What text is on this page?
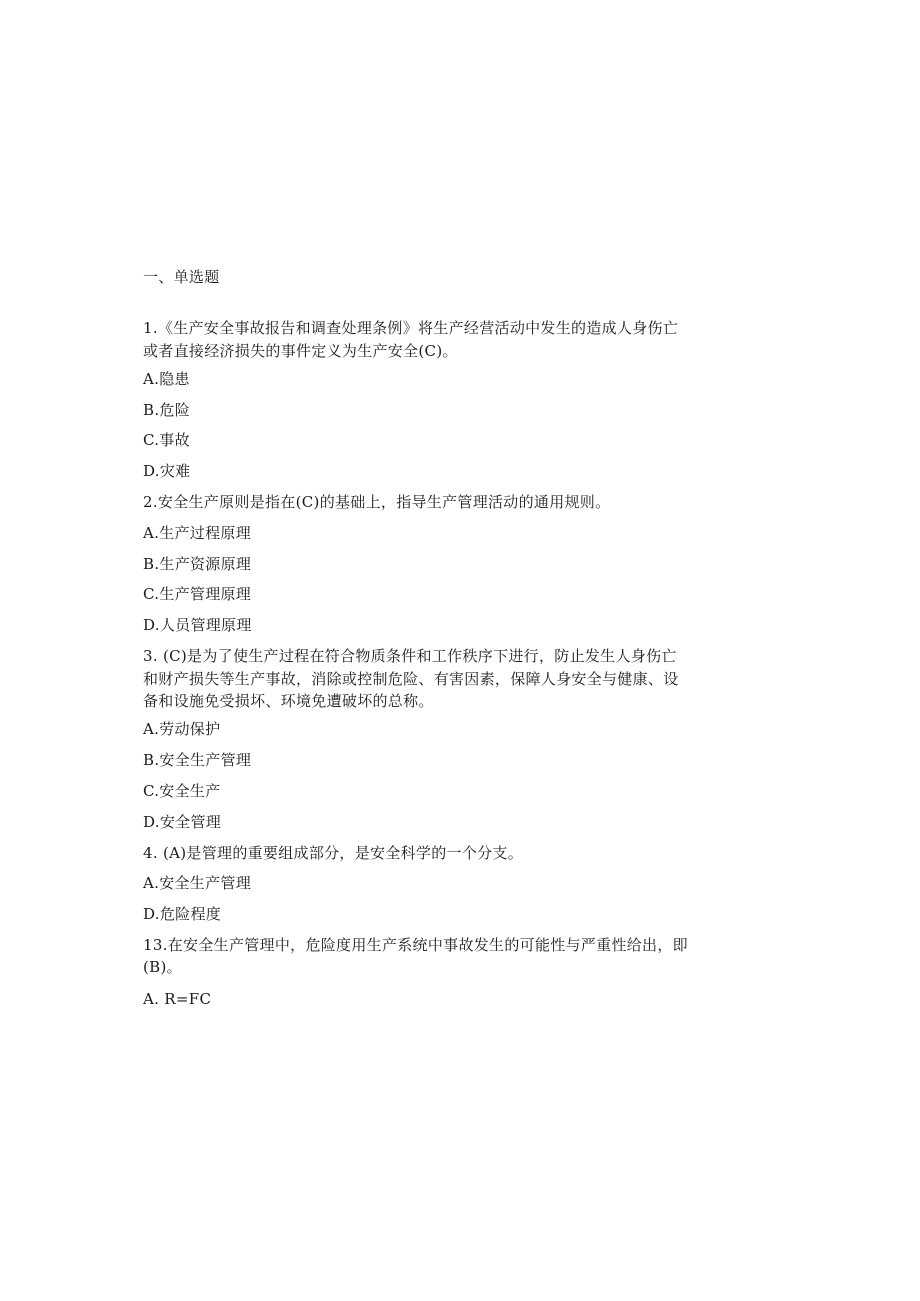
一、单选题
1.《生产安全事故报告和调查处理条例》将生产经营活动中发生的造成人身伤亡
或者直接经济损失的事件定义为生产安全(C)。
A.隐患
B.危险
C.事故
D.灾难
2.安全生产原则是指在(C)的基础上，指导生产管理活动的通用规则。
A.生产过程原理
B.生产资源原理
C.生产管理原理
D.人员管理原理
3. (C)是为了使生产过程在符合物质条件和工作秩序下进行，防止发生人身伤亡
和财产损失等生产事故，消除或控制危险、有害因素，保障人身安全与健康、设
备和设施免受损坏、环境免遭破坏的总称。
A.劳动保护
B.安全生产管理
C.安全生产
D.安全管理
4. (A)是管理的重要组成部分，是安全科学的一个分支。
A.安全生产管理
D.危险程度
13.在安全生产管理中，危险度用生产系统中事故发生的可能性与严重性给出，即
(B)。
A. R=FC
